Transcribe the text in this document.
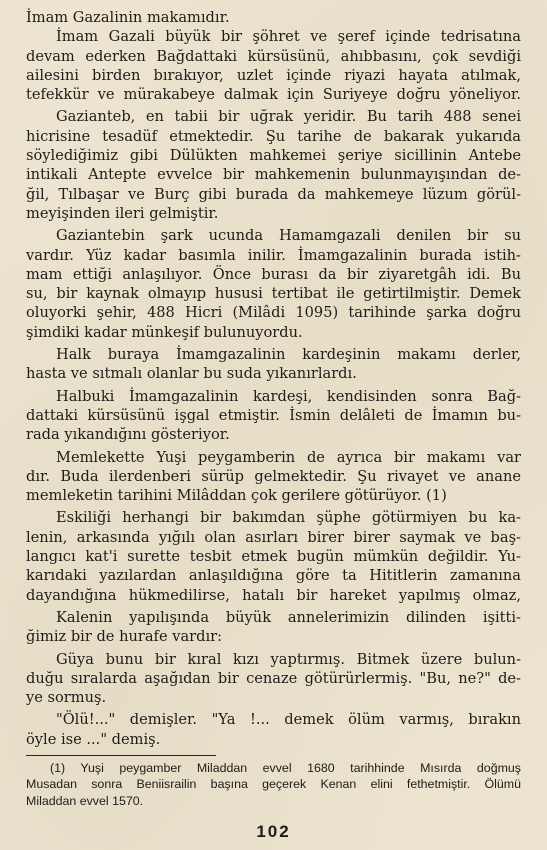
İmam Gazalinin makamıdır.
İmam Gazali büyük bir şöhret ve şeref içinde tedrisatına
devam ederken Bağdattaki kürsüsünü, ahıbbasını, çok sevdiği
ailesini birden bırakıyor, uzlet içinde riyazi hayata atılmak,
tefekkür ve mürakabeye dalmak için Suriyeye doğru yöneliyor.
Gazianteb, en tabii bir uğrak yeridir. Bu tarih 488 senei
hicrisine tesadüf etmektedir. Şu tarihe de bakarak yukarıda
söylediğimiz gibi Dülükten mahkemei şeriye sicillinin Antebe
intikali Antepte evvelce bir mahkemenin bulunmayışından de-
ğil, Tılbaşar ve Burç gibi burada da mahkemeye lüzum görül-
meyişinden ileri gelmiştir.
Gaziantebin şark ucunda Hamamgazali denilen bir su
vardır. Yüz kadar basımla inilir. İmamgazalinin burada istih-
mam ettiği anlaşılıyor. Önce burası da bir ziyaretgâh idi. Bu
su, bir kaynak olmayıp hususi tertibat ile getirtilmiştir. Demek
oluyorki şehir, 488 Hicri (Milâdi 1095) tarihinde şarka doğru
şimdiki kadar münkeşif bulunuyordu.
Halk buraya İmamgazalinin kardeşinin makamı derler,
hasta ve sıtmalı olanlar bu suda yıkanırlardı.
Halbuki İmamgazalinin kardeşi, kendisinden sonra Bağ-
dattaki kürsüsünü işgal etmiştir. İsmin delâleti de İmamın bu-
rada yıkandığını gösteriyor.
Memlekette Yuşi peygamberin de ayrıca bir makamı var
dır. Buda ilerdenberi sürüp gelmektedir. Şu rivayet ve anane
memleketin tarihini Milâddan çok gerilere götürüyor. (1)
Eskiliği herhangi bir bakımdan şüphe götürmiyen bu ka-
lenin, arkasında yığılı olan asırları birer birer saymak ve baş-
langıcı kat'i surette tesbit etmek bugün mümkün değildir. Yu-
karıdaki yazılardan anlaşıldığına göre ta Hititlerin zamanına
dayandığına hükmedilirse, hatalı bir hareket yapılmış olmaz,
Kalenin yapılışında büyük annelerimizin dilinden işitti-
ğimiz bir de hurafe vardır:
Güya bunu bir kıral kızı yaptırmış. Bitmek üzere bulun-
duğu sıralarda aşağıdan bir cenaze götürürlermiş. "Bu, ne?" de-
ye sormuş.
"Ölü!..." demişler. "Ya !... demek ölüm varmış, bırakın
öyle ise ..." demiş.
(1) Yuşi peygamber Miladdan evvel 1680 tarihhinde Mısırda doğmuş
Musadan sonra Beniisrailin başına geçerek Kenan elini fethetmiştir. Ölümü
Miladdan evvel 1570.
102
